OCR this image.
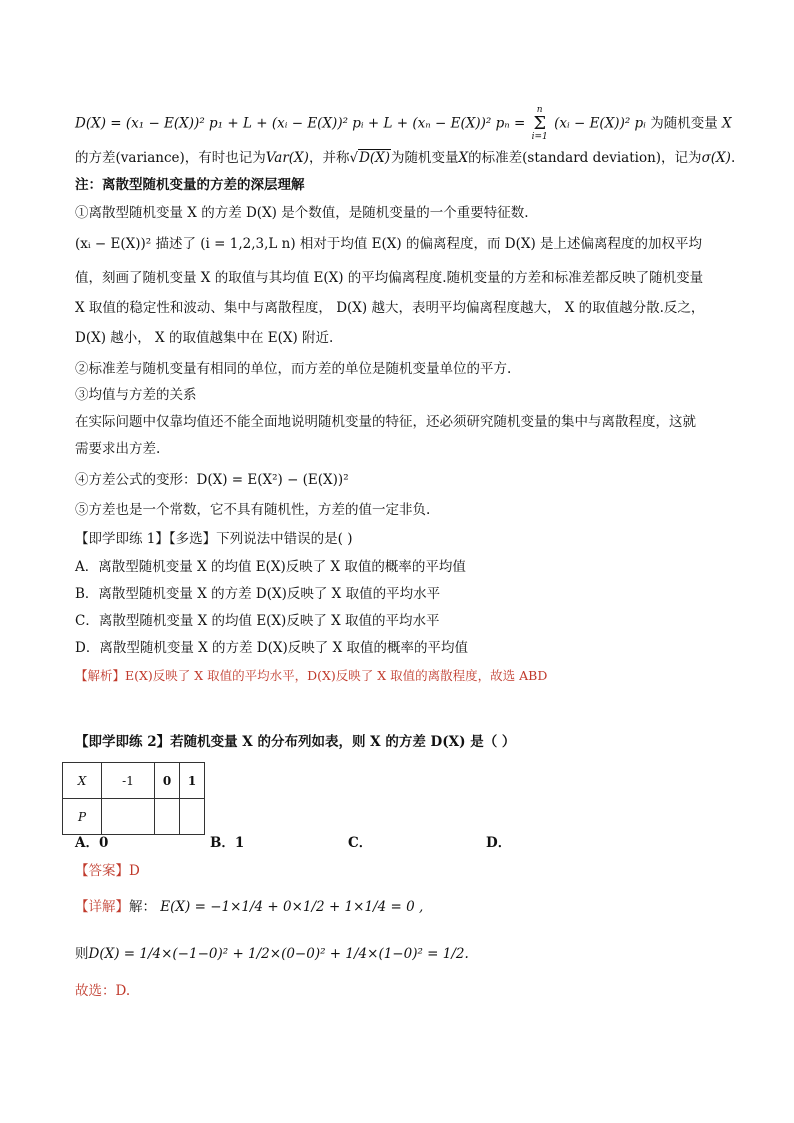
D(X) = (x₁ − E(X))² p₁ + L + (xᵢ − E(X))² pᵢ + L + (xₙ − E(X))² pₙ =
n
Σ
i=1
(xᵢ − E(X))² pᵢ 为随机变量 X
的方差(variance)，有时也记为Var(X)，并称√D(X)为随机变量X的标准差(standard deviation)，记为σ(X).
注：离散型随机变量的方差的深层理解
①离散型随机变量 X 的方差 D(X) 是个数值，是随机变量的一个重要特征数.
(xᵢ − E(X))² 描述了 (i = 1,2,3,L n) 相对于均值 E(X) 的偏离程度，而 D(X) 是上述偏离程度的加权平均
值，刻画了随机变量 X 的取值与其均值 E(X) 的平均偏离程度.随机变量的方差和标准差都反映了随机变量
X 取值的稳定性和波动、集中与离散程度， D(X) 越大，表明平均偏离程度越大， X 的取值越分散.反之，
D(X) 越小， X 的取值越集中在 E(X) 附近.
②标准差与随机变量有相同的单位，而方差的单位是随机变量单位的平方.
③均值与方差的关系
在实际问题中仅靠均值还不能全面地说明随机变量的特征，还必须研究随机变量的集中与离散程度，这就
需要求出方差.
④方差公式的变形：D(X) = E(X²) − (E(X))²
⑤方差也是一个常数，它不具有随机性，方差的值一定非负.
【即学即练 1】【多选】下列说法中错误的是( )
A．离散型随机变量 X 的均值 E(X)反映了 X 取值的概率的平均值
B．离散型随机变量 X 的方差 D(X)反映了 X 取值的平均水平
C．离散型随机变量 X 的均值 E(X)反映了 X 取值的平均水平
D．离散型随机变量 X 的方差 D(X)反映了 X 取值的概率的平均值
【解析】E(X)反映了 X 取值的平均水平，D(X)反映了 X 取值的离散程度，故选 ABD
【即学即练 2】若随机变量 X 的分布列如表，则 X 的方差 D(X) 是（ ）
X	-1	0	1
P			
A．0	B．1	C．	D．
【答案】D
【详解】解： E(X) = −1×1/4 + 0×1/2 + 1×1/4 = 0 ,
则D(X) = 1/4×(−1−0)² + 1/2×(0−0)² + 1/4×(1−0)² = 1/2.
故选：D.
